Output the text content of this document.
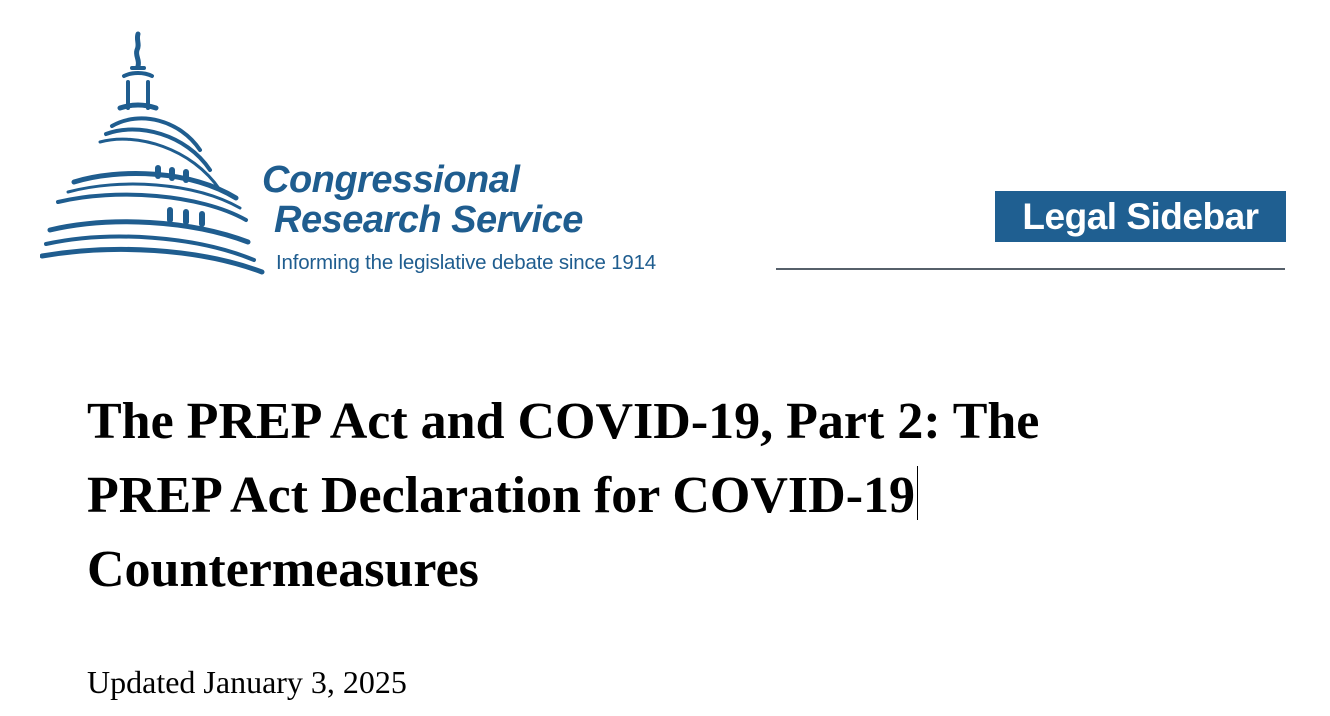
Congressional
Research Service
Informing the legislative debate since 1914
Legal Sidebar
The PREP Act and COVID-19, Part 2: The
PREP Act Declaration for COVID-19
Countermeasures
Updated January 3, 2025
